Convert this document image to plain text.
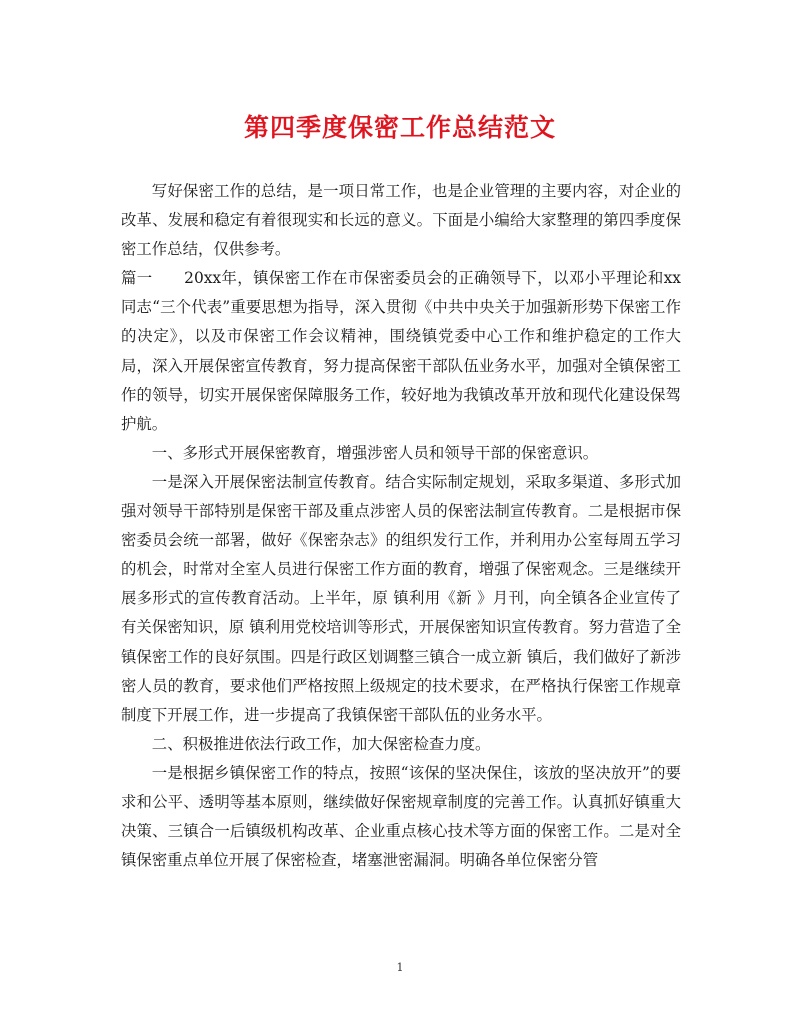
第四季度保密工作总结范文

写好保密工作的总结，是一项日常工作，也是企业管理的主要内容，对企业的改革、发展和稳定有着很现实和长远的意义。下面是小编给大家整理的第四季度保密工作总结，仅供参考。

篇一　　20xx年，镇保密工作在市保密委员会的正确领导下，以邓小平理论和xx同志“三个代表”重要思想为指导，深入贯彻《中共中央关于加强新形势下保密工作的决定》，以及市保密工作会议精神，围绕镇党委中心工作和维护稳定的工作大局，深入开展保密宣传教育，努力提高保密干部队伍业务水平，加强对全镇保密工作的领导，切实开展保密保障服务工作，较好地为我镇改革开放和现代化建设保驾护航。

一、多形式开展保密教育，增强涉密人员和领导干部的保密意识。

一是深入开展保密法制宣传教育。结合实际制定规划，采取多渠道、多形式加强对领导干部特别是保密干部及重点涉密人员的保密法制宣传教育。二是根据市保密委员会统一部署，做好《保密杂志》的组织发行工作，并利用办公室每周五学习的机会，时常对全室人员进行保密工作方面的教育，增强了保密观念。三是继续开展多形式的宣传教育活动。上半年，原 镇利用《新 》月刊，向全镇各企业宣传了有关保密知识，原 镇利用党校培训等形式，开展保密知识宣传教育。努力营造了全镇保密工作的良好氛围。四是行政区划调整三镇合一成立新 镇后，我们做好了新涉密人员的教育，要求他们严格按照上级规定的技术要求，在严格执行保密工作规章制度下开展工作，进一步提高了我镇保密干部队伍的业务水平。

二、积极推进依法行政工作，加大保密检查力度。

一是根据乡镇保密工作的特点，按照“该保的坚决保住，该放的坚决放开”的要求和公平、透明等基本原则，继续做好保密规章制度的完善工作。认真抓好镇重大决策、三镇合一后镇级机构改革、企业重点核心技术等方面的保密工作。二是对全镇保密重点单位开展了保密检查，堵塞泄密漏洞。明确各单位保密分管

1
